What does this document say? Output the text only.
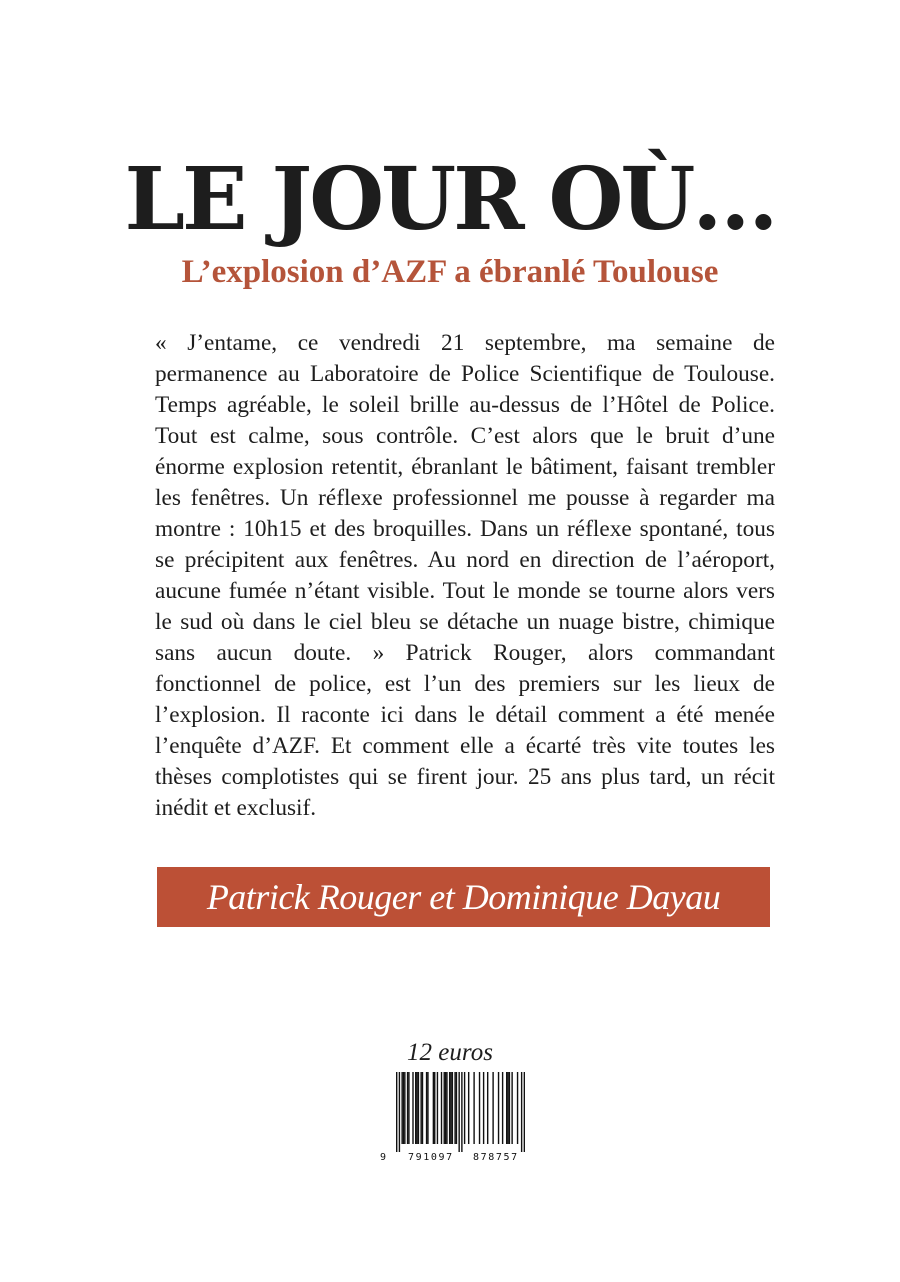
LE JOUR OÙ…
L’explosion d’AZF a ébranlé Toulouse

« J’entame, ce vendredi 21 septembre, ma semaine de permanence au Laboratoire de Police Scientifique de Toulouse. Temps agréable, le soleil brille au-dessus de l’Hôtel de Police. Tout est calme, sous contrôle. C’est alors que le bruit d’une énorme explosion retentit, ébranlant le bâtiment, faisant trembler les fenêtres. Un réflexe professionnel me pousse à regarder ma montre : 10h15 et des broquilles. Dans un réflexe spontané, tous se précipitent aux fenêtres. Au nord en direction de l’aéroport, aucune fumée n’étant visible. Tout le monde se tourne alors vers le sud où dans le ciel bleu se détache un nuage bistre, chimique sans aucun doute. » Patrick Rouger, alors commandant fonctionnel de police, est l’un des premiers sur les lieux de l’explosion. Il raconte ici dans le détail comment a été menée l’enquête d’AZF. Et comment elle a écarté très vite toutes les thèses complotistes qui se firent jour. 25 ans plus tard, un récit inédit et exclusif.

Patrick Rouger et Dominique Dayau
12 euros
9 791097 878757
